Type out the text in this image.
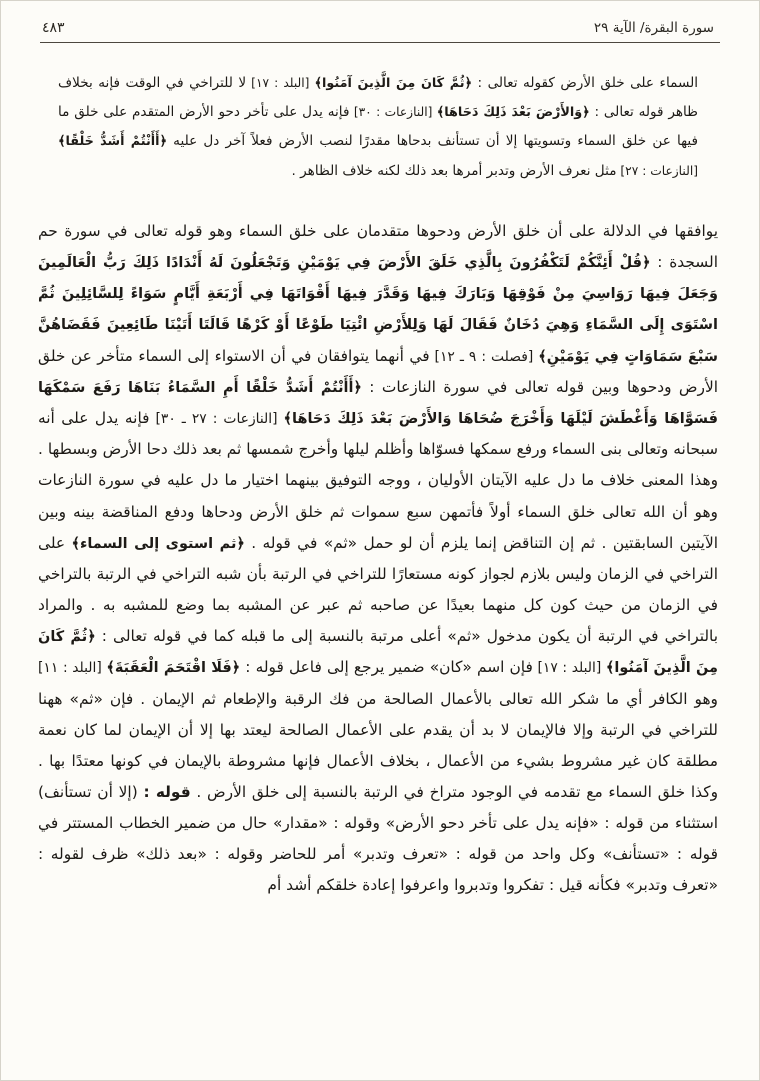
سورة البقرة/ الآية ٢٩
٤٨٣
السماء على خلق الأرض كقوله تعالى : ﴿ثُمَّ كَانَ مِنَ الَّذِينَ آمَنُوا﴾ [البلد : ١٧] لا للتراخي في الوقت فإنه بخلاف ظاهر قوله تعالى : ﴿وَالأَرْضَ بَعْدَ ذَلِكَ دَحَاهَا﴾ [النازعات : ٣٠] فإنه يدل على تأخر دحو الأرض المتقدم على خلق ما فيها عن خلق السماء وتسويتها إلا أن تستأنف بدحاها مقدرًا لنصب الأرض فعلاً آخر دل عليه ﴿أَأَنْتُمْ أَشَدُّ خَلْقًا﴾ [النازعات : ٢٧] مثل نعرف الأرض وتدبر أمرها بعد ذلك لكنه خلاف الظاهر .
يوافقها في الدلالة على أن خلق الأرض ودحوها متقدمان على خلق السماء وهو قوله تعالى في سورة حم السجدة : ﴿قُلْ أَئِنَّكُمْ لَتَكْفُرُونَ بِالَّذِي خَلَقَ الأَرْضَ فِي يَوْمَيْنِ وَتَجْعَلُونَ لَهُ أَنْدَادًا ذَلِكَ رَبُّ الْعَالَمِينَ وَجَعَلَ فِيهَا رَوَاسِيَ مِنْ فَوْقِهَا وَبَارَكَ فِيهَا وَقَدَّرَ فِيهَا أَقْوَاتَهَا فِي أَرْبَعَةِ أَيَّامٍ سَوَاءً لِلسَّائِلِينَ ثُمَّ اسْتَوَى إِلَى السَّمَاءِ وَهِيَ دُخَانٌ فَقَالَ لَهَا وَلِلأَرْضِ ائْتِيَا طَوْعًا أَوْ كَرْهًا قَالَتَا أَتَيْنَا طَائِعِينَ فَقَضَاهُنَّ سَبْعَ سَمَاوَاتٍ فِي يَوْمَيْنِ﴾ [فصلت : ٩ ـ ١٢] في أنهما يتوافقان في أن الاستواء إلى السماء متأخر عن خلق الأرض ودحوها وبين قوله تعالى في سورة النازعات : ﴿أَأَنْتُمْ أَشَدُّ خَلْقًا أَمِ السَّمَاءُ بَنَاهَا رَفَعَ سَمْكَهَا فَسَوَّاهَا وَأَغْطَشَ لَيْلَهَا وَأَخْرَجَ ضُحَاهَا وَالأَرْضَ بَعْدَ ذَلِكَ دَحَاهَا﴾ [النازعات : ٢٧ ـ ٣٠] فإنه يدل على أنه سبحانه وتعالى بنى السماء ورفع سمكها فسوّاها وأظلم ليلها وأخرج شمسها ثم بعد ذلك دحا الأرض وبسطها . وهذا المعنى خلاف ما دل عليه الآيتان الأوليان ، ووجه التوفيق بينهما اختيار ما دل عليه في سورة النازعات وهو أن الله تعالى خلق السماء أولاً فأتمهن سبع سموات ثم خلق الأرض ودحاها ودفع المناقضة بينه وبين الآيتين السابقتين . ثم إن التناقض إنما يلزم أن لو حمل «ثم» في قوله . ﴿ثم استوى إلى السماء﴾ على التراخي في الزمان وليس بلازم لجواز كونه مستعارًا للتراخي في الرتبة بأن شبه التراخي في الرتبة بالتراخي في الزمان من حيث كون كل منهما بعيدًا عن صاحبه ثم عبر عن المشبه بما وضع للمشبه به . والمراد بالتراخي في الرتبة أن يكون مدخول «ثم» أعلى مرتبة بالنسبة إلى ما قبله كما في قوله تعالى : ﴿ثُمَّ كَانَ مِنَ الَّذِينَ آمَنُوا﴾ [البلد : ١٧] فإن اسم «كان» ضمير يرجع إلى فاعل قوله : ﴿فَلَا اقْتَحَمَ الْعَقَبَةَ﴾ [البلد : ١١] وهو الكافر أي ما شكر الله تعالى بالأعمال الصالحة من فك الرقبة والإطعام ثم الإيمان . فإن «ثم» ههنا للتراخي في الرتبة وإلا فالإيمان لا بد أن يقدم على الأعمال الصالحة ليعتد بها إلا أن الإيمان لما كان نعمة مطلقة كان غير مشروط بشيء من الأعمال ، بخلاف الأعمال فإنها مشروطة بالإيمان في كونها معتدًا بها . وكذا خلق السماء مع تقدمه في الوجود متراخ في الرتبة بالنسبة إلى خلق الأرض . قوله : (إلا أن تستأنف) استثناء من قوله : «فإنه يدل على تأخر دحو الأرض» وقوله : «مقدار» حال من ضمير الخطاب المستتر في قوله : «تستأنف» وكل واحد من قوله : «تعرف وتدبر» أمر للحاضر وقوله : «بعد ذلك» ظرف لقوله : «تعرف وتدبر» فكأنه قيل : تفكروا وتدبروا واعرفوا إعادة خلقكم أشد أم
